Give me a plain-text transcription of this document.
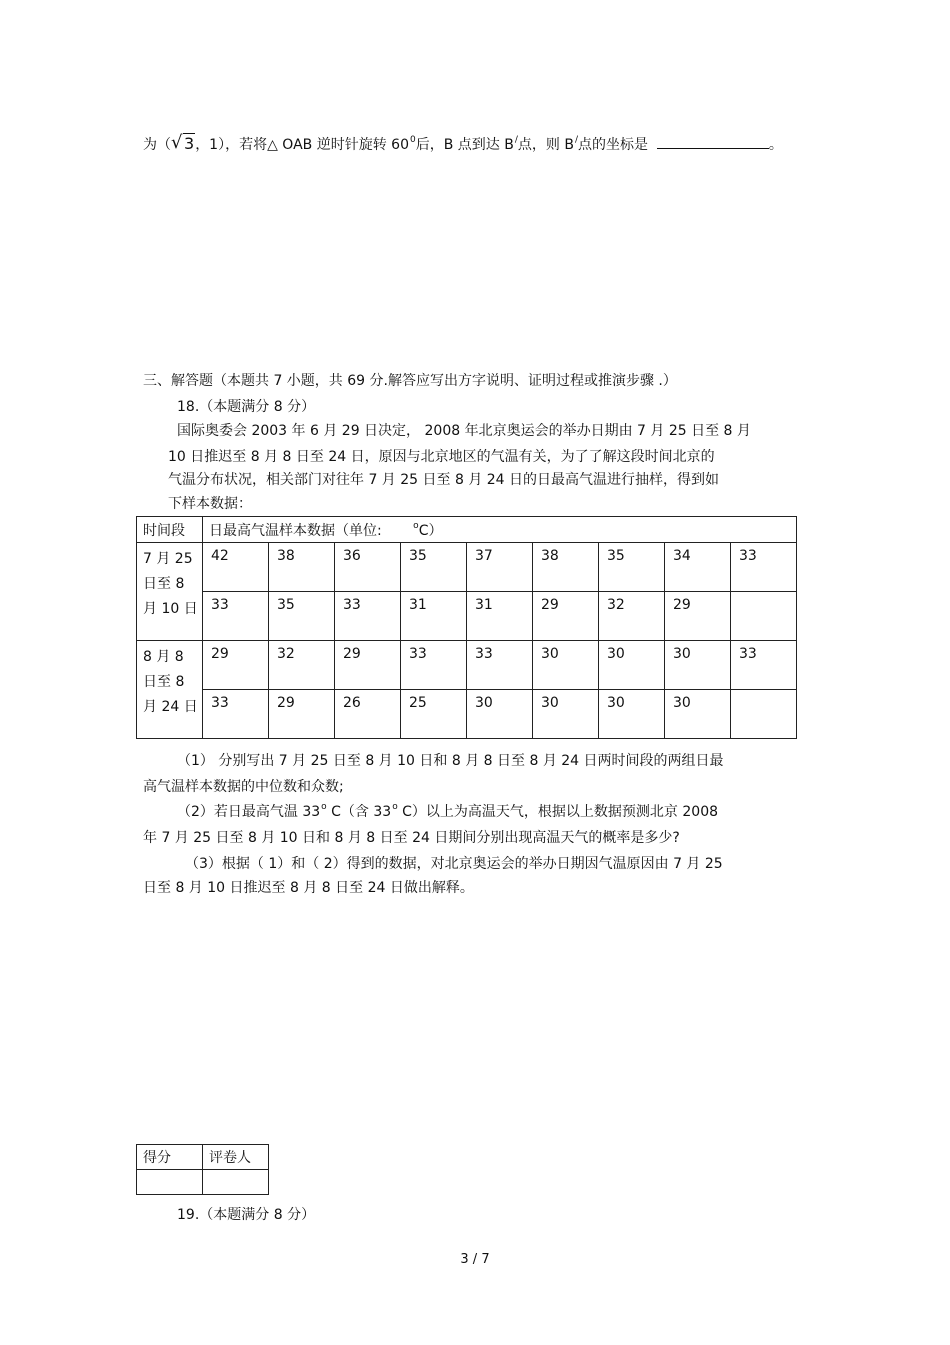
为（ √ 3，1），若将△ OAB 逆时针旋转 $60^0$后，B 点到达 B/点，则 B/点的坐标是	。
三、解答题（本题共 7 小题，共 69 分.解答应写出方字说明、证明过程或推演步骤 .）
18.（本题满分 8 分）
国际奥委会 2003 年 6 月 29 日决定， 2008 年北京奥运会的举办日期由 7 月 25 日至 8 月
10 日推迟至 8 月 8 日至 24 日，原因与北京地区的气温有关，为了了解这段时间北京的
气温分布状况，相关部门对往年 7 月 25 日至 8 月 24 日的日最高气温进行抽样，得到如
下样本数据：
时间段	日最高气温样本数据（单位: $^o$C）								
7 月 25 日至 8 月 10 日	42	38	36	35	37	38	35	34	33
	33	35	33	31	31	29	32	29	
8 月 8 日至 8 月 24 日	29	32	29	33	33	30	30	30	33
	33	29	26	25	30	30	30	30	
（1） 分别写出 7 月 25 日至 8 月 10 日和 8 月 8 日至 8 月 24 日两时间段的两组日最
高气温样本数据的中位数和众数;
（2）若日最高气温 33$^o$ C（含 33$^o$ C）以上为高温天气，根据以上数据预测北京 2008
年 7 月 25 日至 8 月 10 日和 8 月 8 日至 24 日期间分别出现高温天气的概率是多少?
（3）根据（ 1）和（ 2）得到的数据，对北京奥运会的举办日期因气温原因由 7 月 25
日至 8 月 10 日推迟至 8 月 8 日至 24 日做出解释。
得分	评卷人

19.（本题满分 8 分）
3 / 7
